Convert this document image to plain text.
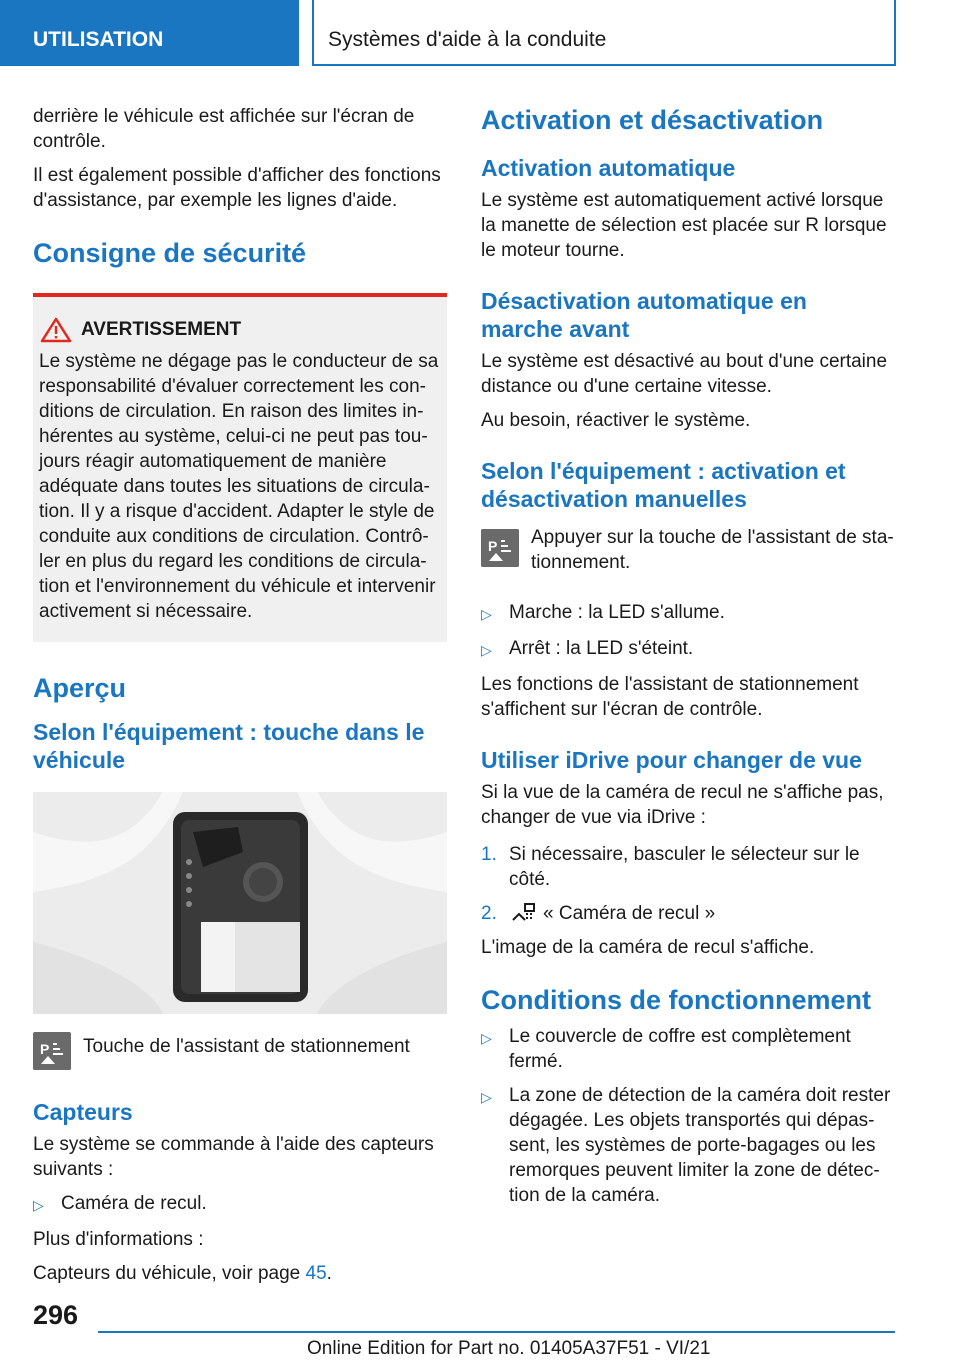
UTILISATION	Systèmes d'aide à la conduite

derrière le véhicule est affichée sur l'écran de contrôle.

Il est également possible d'afficher des fonctions d'assistance, par exemple les lignes d'aide.

Consigne de sécurité
AVERTISSEMENT

Le système ne dégage pas le conducteur de sa responsabilité d'évaluer correctement les conditions de circulation. En raison des limites inhérentes au système, celui-ci ne peut pas toujours réagir automatiquement de manière adéquate dans toutes les situations de circulation. Il y a risque d'accident. Adapter le style de conduite aux conditions de circulation. Contrôler en plus du regard les conditions de circulation et l'environnement du véhicule et intervenir activement si nécessaire.

Aperçu
Selon l'équipement : touche dans le véhicule
P Touche de l'assistant de stationnement

Capteurs

Le système se commande à l'aide des capteurs suivants :

▷ Caméra de recul.

Plus d'informations :

Capteurs du véhicule, voir page 45.

Activation et désactivation
Activation automatique

Le système est automatiquement activé lorsque la manette de sélection est placée sur R lorsque le moteur tourne.

Désactivation automatique en marche avant

Le système est désactivé au bout d'une certaine distance ou d'une certaine vitesse.

Au besoin, réactiver le système.

Selon l'équipement : activation et désactivation manuelles
P Appuyer sur la touche de l'assistant de stationnement.

▷ Marche : la LED s'allume.
▷ Arrêt : la LED s'éteint.

Les fonctions de l'assistant de stationnement s'affichent sur l'écran de contrôle.

Utiliser iDrive pour changer de vue

Si la vue de la caméra de recul ne s'affiche pas, changer de vue via iDrive :

1. Si nécessaire, basculer le sélecteur sur le côté.
2.	« Caméra de recul »

L'image de la caméra de recul s'affiche.

Conditions de fonctionnement
▷ Le couvercle de coffre est complètement fermé.
▷ La zone de détection de la caméra doit rester dégagée. Les objets transportés qui dépassent, les systèmes de porte-bagages ou les remorques peuvent limiter la zone de détection de la caméra.
296
Online Edition for Part no. 01405A37F51 - VI/21
